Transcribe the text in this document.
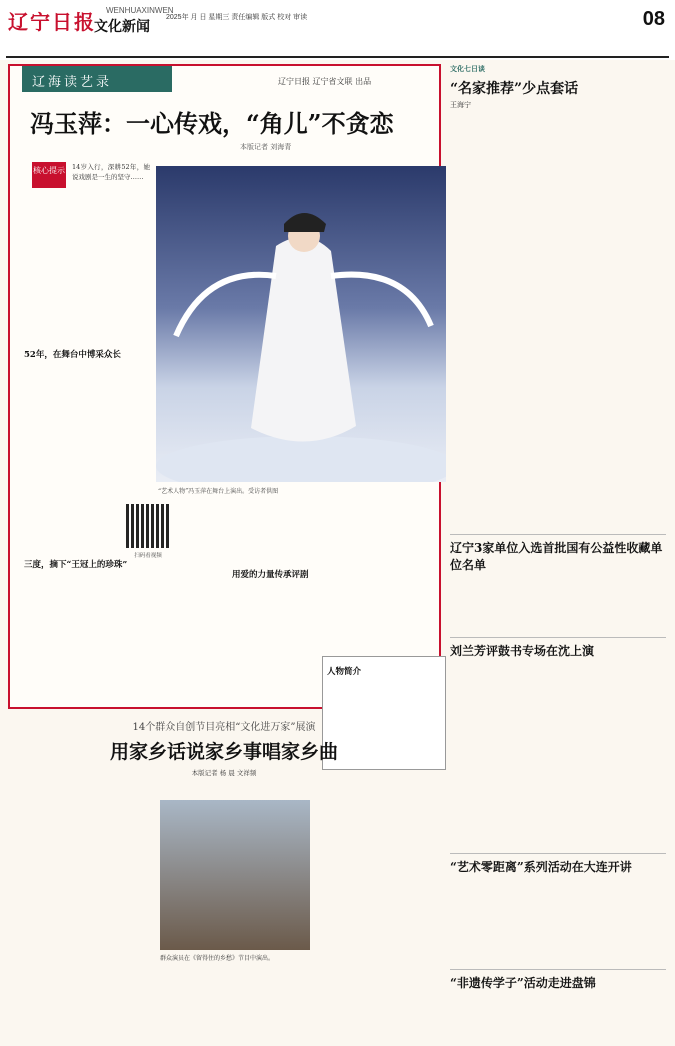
辽宁日报 WENHUAXINWEN
文化新闻
2025年 月 日 星期三 责任编辑 版式 校对 审读	08
辽海读艺录	辽宁日报 辽宁省文联 出品
冯玉萍：一心传戏，“角儿”不贪恋
本版记者 刘海青
核心提示 14岁入行，深耕52年，她说戏剧是一生的坚守……
52年，在舞台中博采众长
三度，摘下“王冠上的珍珠”
“艺术人物”冯玉萍在舞台上演出。受访者供图
扫码看视频
用爱的力量传承评剧
人物简介
文化七日谈
“名家推荐”少点套话
王海宁
辽宁3家单位入选首批国有公益性收藏单位名单
刘兰芳评鼓书专场在沈上演
“艺术零距离”系列活动在大连开讲
“非遗传学子”活动走进盘锦
14个群众自创节目亮相“文化进万家”展演
用家乡话说家乡事唱家乡曲
本版记者 杨 晨 文祥频
群众演员在《留得住的乡愁》节目中演出。
